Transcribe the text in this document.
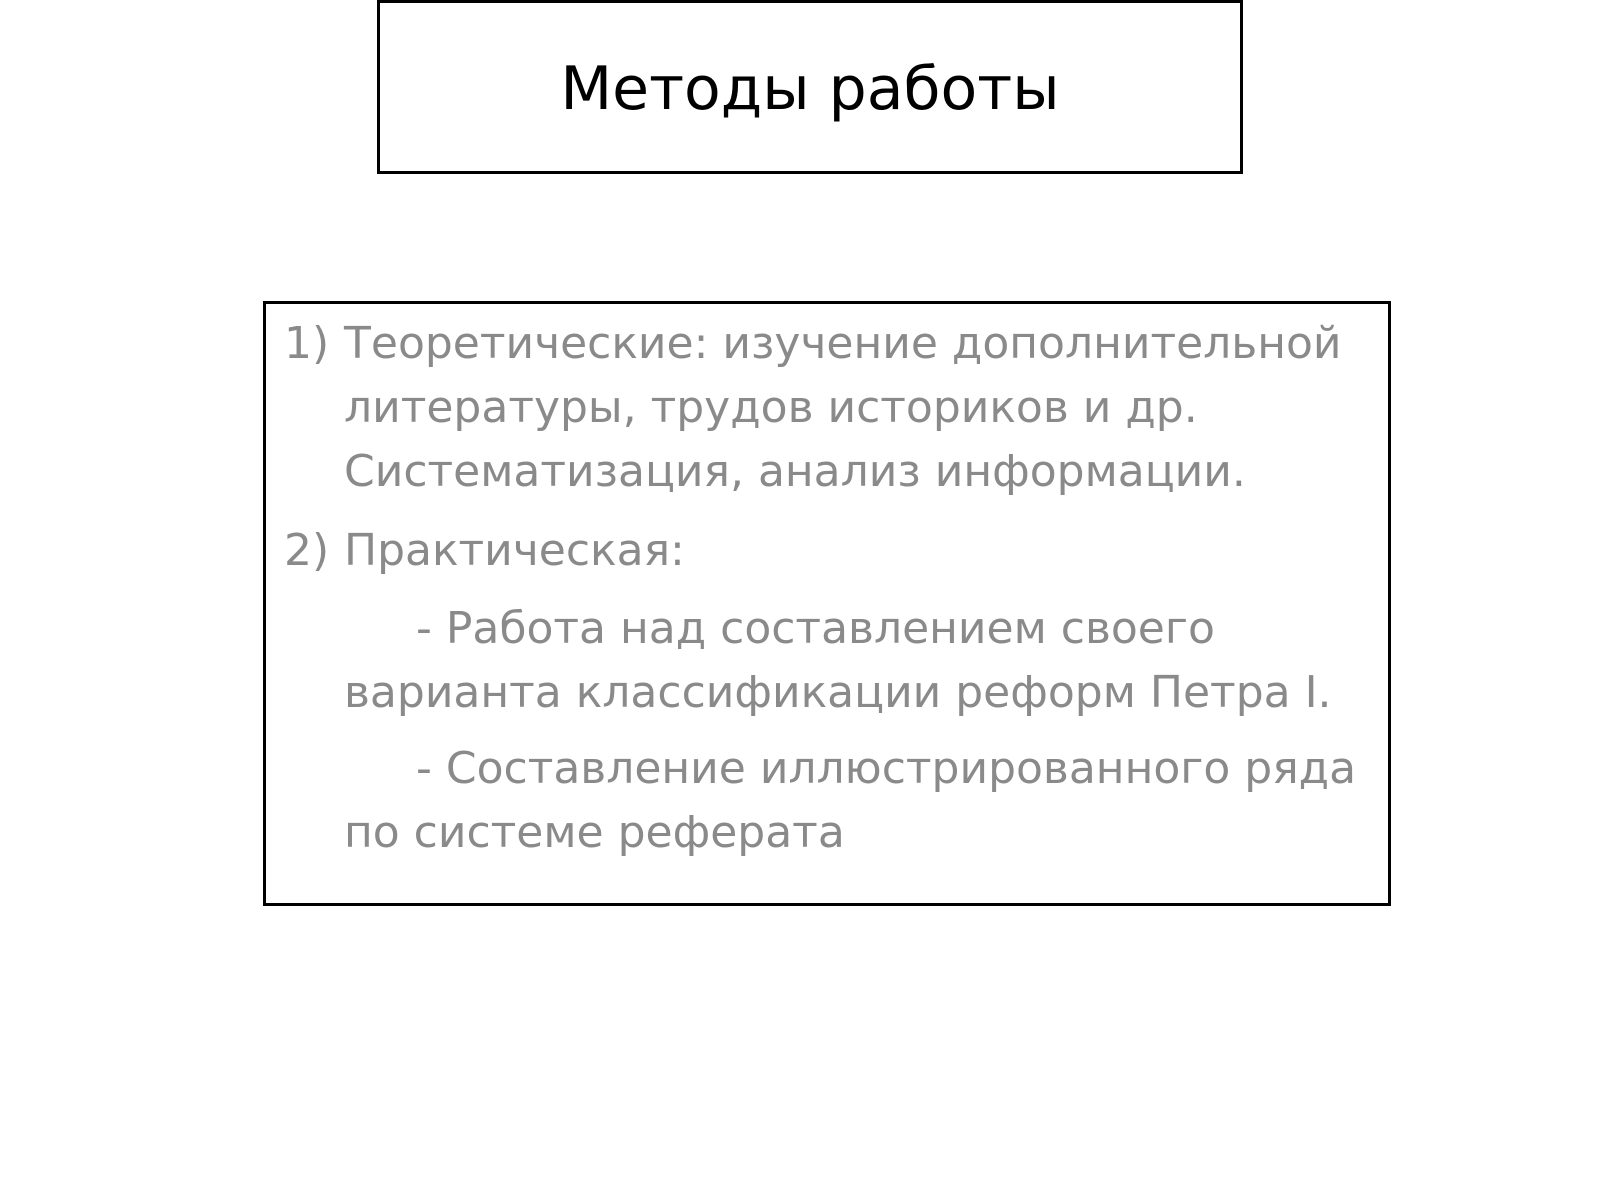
Методы работы
1) Теоретические: изучение дополнительной
литературы, трудов историков и др.
Систематизация, анализ информации.
2) Практическая:
- Работа над составлением своего
варианта классификации реформ Петра I.
- Составление иллюстрированного ряда
по системе реферата
